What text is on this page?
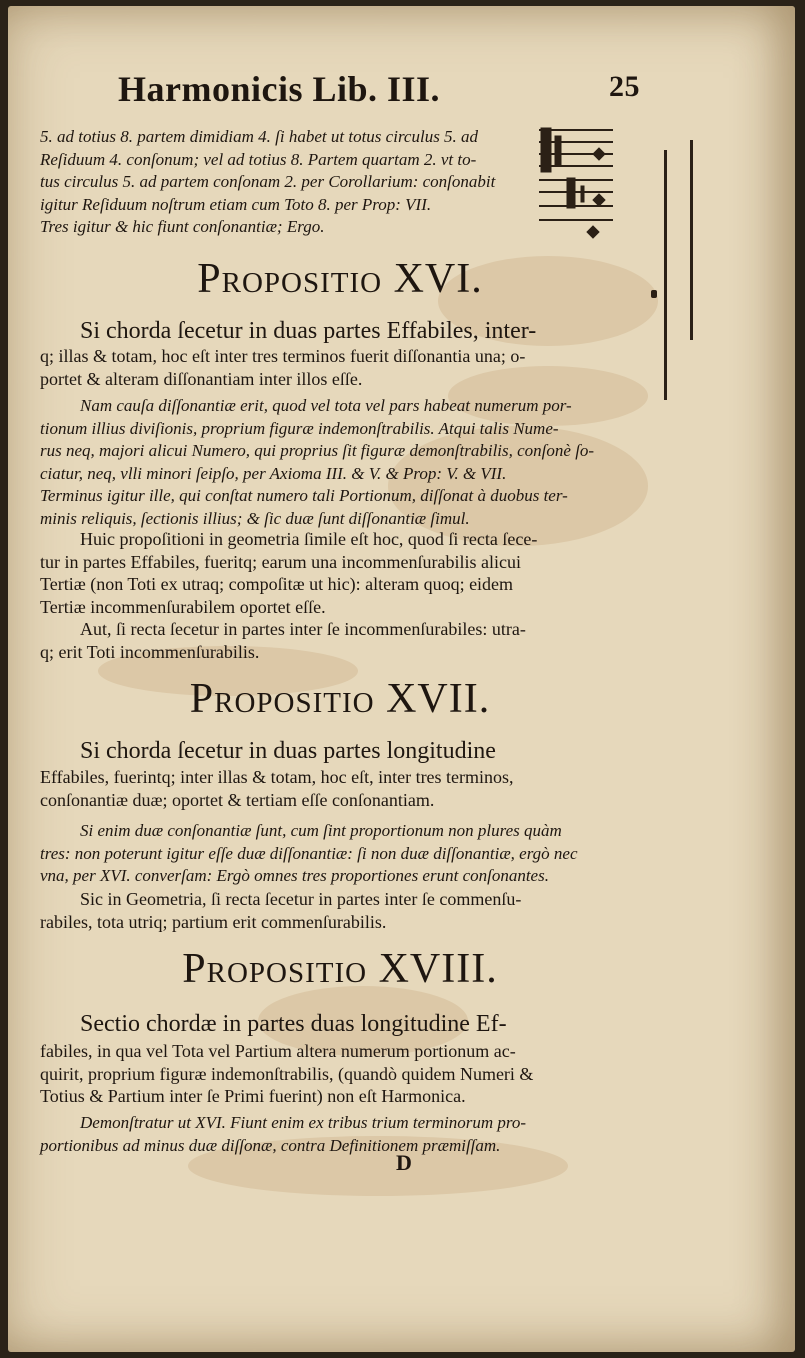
Harmonicis Lib. III.	25
5. ad totius 8. partem dimidiam 4. ſi habet ut totus circulus 5. ad
Reſiduum 4. conſonum; vel ad totius 8. Partem quartam 2. vt to-
tus circulus 5. ad partem conſonam 2. per Corollarium: conſonabit
igitur Reſiduum noſtrum etiam cum Toto 8. per Prop: VII.
Tres igitur & hic fiunt conſonantiæ; Ergo.
Propositio XVI.
Si chorda ſecetur in duas partes Effabiles, inter-
q; illas & totam, hoc eſt inter tres terminos fuerit diſſonantia una; o-
portet & alteram diſſonantiam inter illos eſſe.
Nam cauſa diſſonantiæ erit, quod vel tota vel pars habeat numerum por-
tionum illius diviſionis, proprium figuræ indemonſtrabilis. Atqui talis Nume-
rus neq, majori alicui Numero, qui proprius ſit figuræ demonſtrabilis, conſonè ſo-
ciatur, neq, vlli minori ſeipſo, per Axioma III. & V. & Prop: V. & VII.
Terminus igitur ille, qui conſtat numero tali Portionum, diſſonat à duobus ter-
minis reliquis, ſectionis illius; & ſic duæ ſunt diſſonantiæ ſimul.
Huic propoſitioni in geometria ſimile eſt hoc, quod ſi recta ſece-
tur in partes Effabiles, fueritq; earum una incommenſurabilis alicui
Tertiæ (non Toti ex utraq; compoſitæ ut hic): alteram quoq; eidem
Tertiæ incommenſurabilem oportet eſſe.
Aut, ſi recta ſecetur in partes inter ſe incommenſurabiles: utra-
q; erit Toti incommenſurabilis.
Propositio XVII.
Si chorda ſecetur in duas partes longitudine
Effabiles, fuerintq; inter illas & totam, hoc eſt, inter tres terminos,
conſonantiæ duæ; oportet & tertiam eſſe conſonantiam.
Si enim duæ conſonantiæ ſunt, cum ſint proportionum non plures quàm
tres: non poterunt igitur eſſe duæ diſſonantiæ: ſi non duæ diſſonantiæ, ergò nec
vna, per XVI. converſam: Ergò omnes tres proportiones erunt conſonantes.
Sic in Geometria, ſi recta ſecetur in partes inter ſe commenſu-
rabiles, tota utriq; partium erit commenſurabilis.
Propositio XVIII.
Sectio chordæ in partes duas longitudine Ef-
fabiles, in qua vel Tota vel Partium altera numerum portionum ac-
quirit, proprium figuræ indemonſtrabilis, (quandò quidem Numeri &
Totius & Partium inter ſe Primi fuerint) non eſt Harmonica.
Demonſtratur ut XVI. Fiunt enim ex tribus trium terminorum pro-
portionibus ad minus duæ diſſonæ, contra Definitionem præmiſſam.
D
